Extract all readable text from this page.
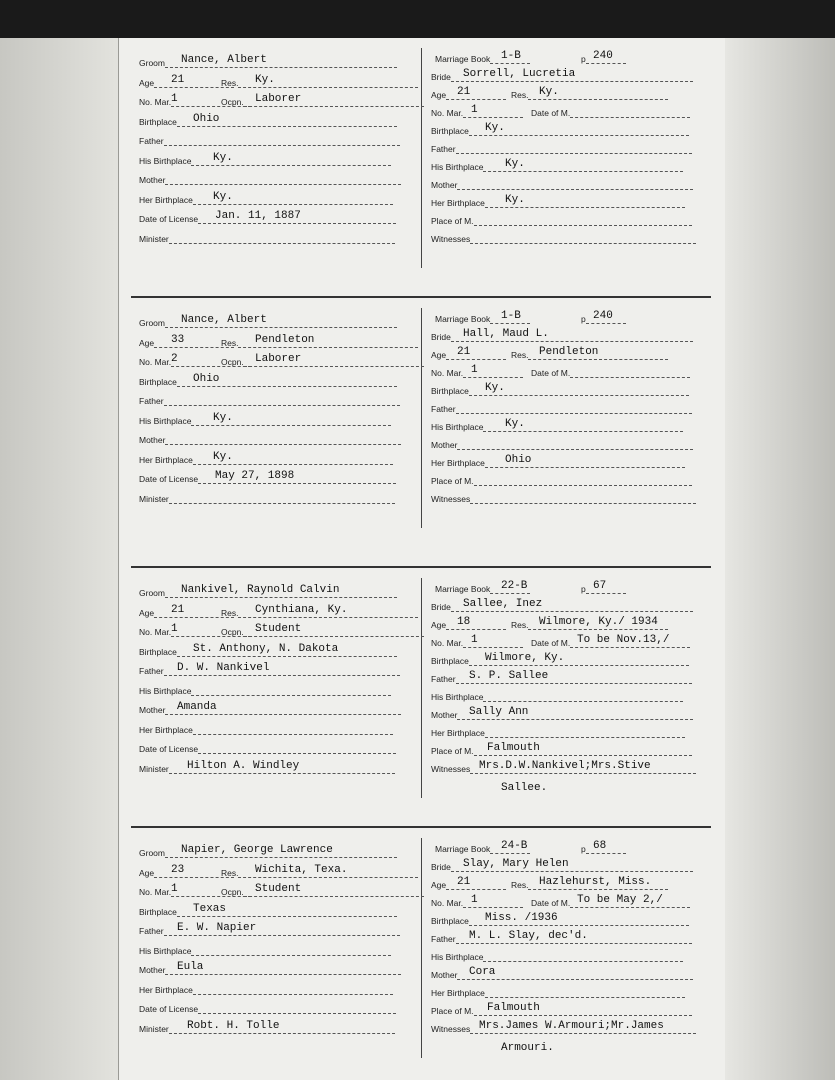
Groom Nance, Albert
Age 21	Res. Ky.
No. Mar. 1	Ocpn. Laborer
Birthplace Ohio
Father
His Birthplace Ky.
Mother
Her Birthplace Ky.
Date of License Jan. 11, 1887
Minister
Marriage Book 1-B	p 240
Bride Sorrell, Lucretia
Age 21	Res. Ky.
No. Mar. 1	Date of M.
Birthplace Ky.
Father
His Birthplace Ky.
Mother
Her Birthplace Ky.
Place of M.
Witnesses
Groom Nance, Albert
Age 33	Res. Pendleton
No. Mar. 2	Ocpn. Laborer
Birthplace Ohio
Father
His Birthplace Ky.
Mother
Her Birthplace Ky.
Date of License May 27, 1898
Minister
Marriage Book 1-B	p 240
Bride Hall, Maud L.
Age 21	Res. Pendleton
No. Mar. 1	Date of M.
Birthplace Ky.
Father
His Birthplace Ky.
Mother
Her Birthplace Ohio
Place of M.
Witnesses
Groom Nankivel, Raynold Calvin
Age 21	Res. Cynthiana, Ky.
No. Mar. 1	Ocpn. Student
Birthplace St. Anthony, N. Dakota
Father D. W. Nankivel
His Birthplace
Mother Amanda
Her Birthplace
Date of License
Minister Hilton A. Windley
Marriage Book 22-B	p 67
Bride Sallee, Inez
Age 18	Res. Wilmore, Ky./ 1934
No. Mar. 1	Date of M. To be Nov.13,/
Birthplace Wilmore, Ky.
Father S. P. Sallee
His Birthplace
Mother Sally Ann
Her Birthplace
Place of M. Falmouth
Witnesses Mrs.D.W.Nankivel;Mrs.Stive
Sallee.
Groom Napier, George Lawrence
Age 23	Res. Wichita, Texa.
No. Mar. 1	Ocpn. Student
Birthplace Texas
Father E. W. Napier
His Birthplace
Mother Eula
Her Birthplace
Date of License
Minister Robt. H. Tolle
Marriage Book 24-B	p 68
Bride Slay, Mary Helen
Age 21	Res. Hazlehurst, Miss.
No. Mar. 1	Date of M. To be May 2,/
Birthplace Miss. /1936
Father M. L. Slay, dec'd.
His Birthplace
Mother Cora
Her Birthplace
Place of M. Falmouth
Witnesses Mrs.James W.Armouri;Mr.James
Armouri.
